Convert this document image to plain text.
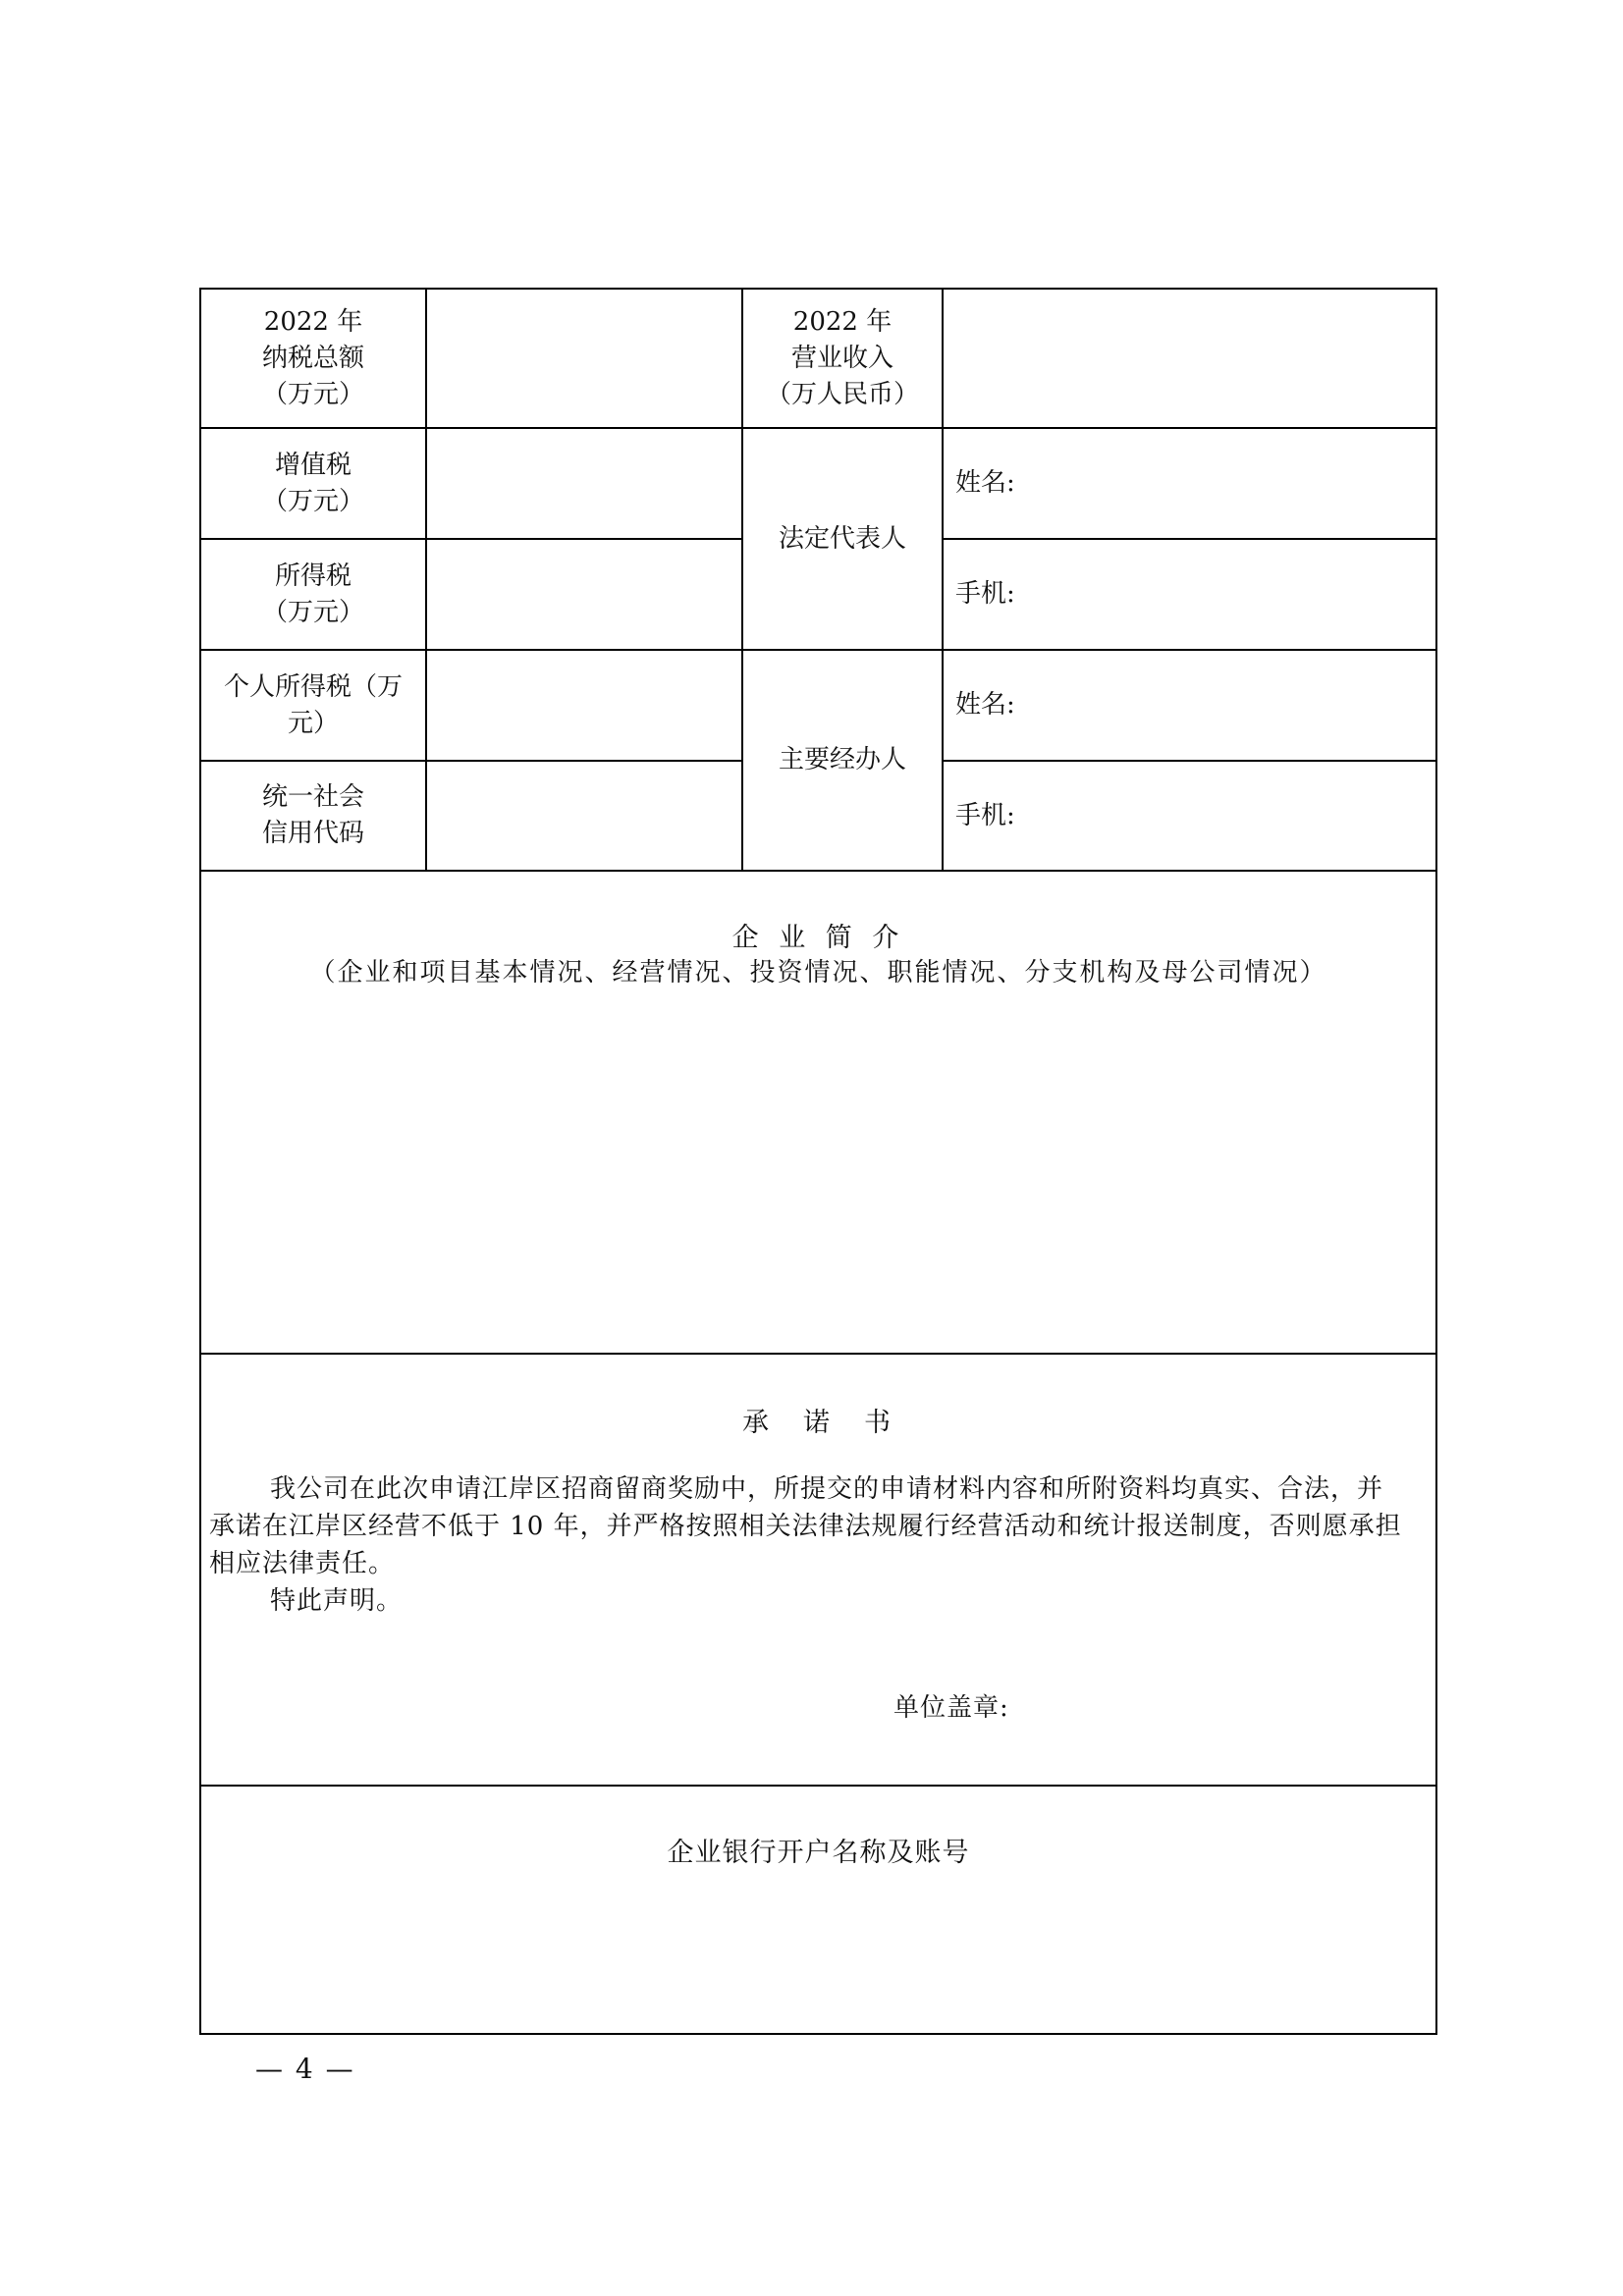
2022 年
纳税总额
（万元）
2022 年
营业收入
（万人民币）
增值税
（万元）
法定代表人
姓名:
所得税
（万元）
手机:
个人所得税（万
元）
主要经办人
姓名:
统一社会
信用代码
手机:
企 业 简 介
（企业和项目基本情况、经营情况、投资情况、职能情况、分支机构及母公司情况）
承　诺　书

我公司在此次申请江岸区招商留商奖励中，所提交的申请材料内容和所附资料均真实、合法，并

承诺在江岸区经营不低于 10 年，并严格按照相关法律法规履行经营活动和统计报送制度，否则愿承担

相应法律责任。

特此声明。

单位盖章:
企业银行开户名称及账号
— 4 —
